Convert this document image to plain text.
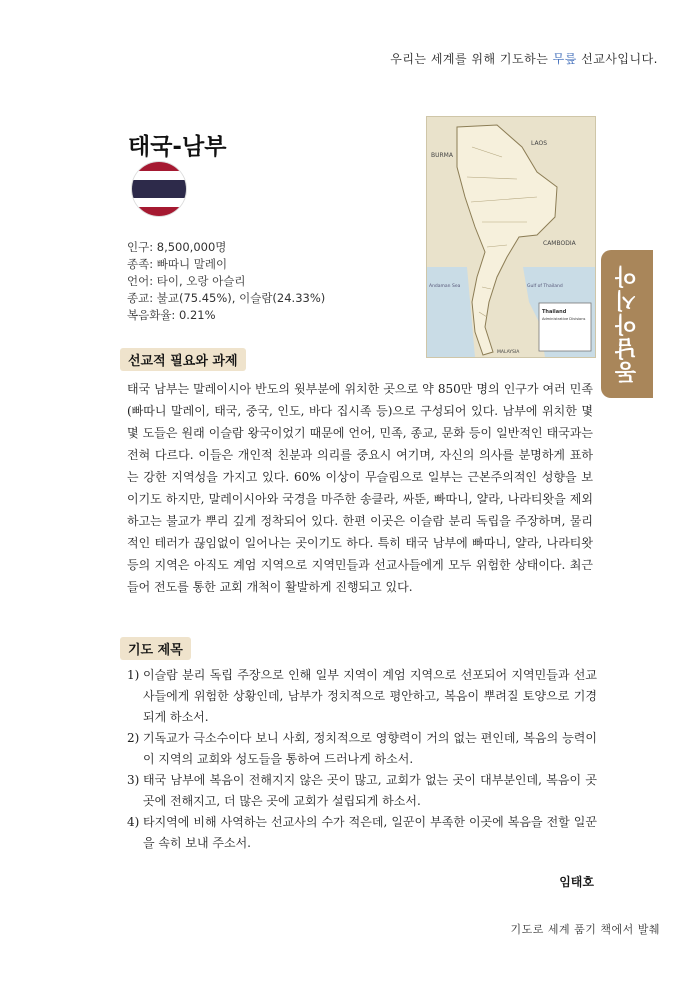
우리는 세계를 위해 기도하는 무릎 선교사입니다.
태국-남부
인구: 8,500,000명
종족: 빠따니 말레이
언어: 타이, 오랑 아슬리
종교: 불교(75.45%), 이슬람(24.33%)
복음화율: 0.21%
LAOS
CAMBODIA
BURMA
Thailand
Administrative Divisions
Gulf of Thailand
Andaman Sea
MALAYSIA	동남아시아
선교적 필요와 과제
태국 남부는 말레이시아 반도의 윗부분에 위치한 곳으로 약 850만 명의 인구가 여러 민족(빠따니 말레이, 태국, 중국, 인도, 바다 집시족 등)으로 구성되어 있다. 남부에 위치한 몇몇 도들은 원래 이슬람 왕국이었기 때문에 언어, 민족, 종교, 문화 등이 일반적인 태국과는 전혀 다르다. 이들은 개인적 친분과 의리를 중요시 여기며, 자신의 의사를 분명하게 표하는 강한 지역성을 가지고 있다. 60% 이상이 무슬림으로 일부는 근본주의적인 성향을 보이기도 하지만, 말레이시아와 국경을 마주한 송클라, 싸뚠, 빠따니, 얄라, 나라티왓을 제외하고는 불교가 뿌리 깊게 정착되어 있다. 한편 이곳은 이슬람 분리 독립을 주장하며, 물리적인 테러가 끊임없이 일어나는 곳이기도 하다. 특히 태국 남부에 빠따니, 얄라, 나라티왓 등의 지역은 아직도 계엄 지역으로 지역민들과 선교사들에게 모두 위험한 상태이다. 최근 들어 전도를 통한 교회 개척이 활발하게 진행되고 있다.
기도 제목
1) 이슬람 분리 독립 주장으로 인해 일부 지역이 계엄 지역으로 선포되어 지역민들과 선교사들에게 위험한 상황인데, 남부가 정치적으로 평안하고, 복음이 뿌려질 토양으로 기경되게 하소서.
2) 기독교가 극소수이다 보니 사회, 정치적으로 영향력이 거의 없는 편인데, 복음의 능력이 이 지역의 교회와 성도들을 통하여 드러나게 하소서.
3) 태국 남부에 복음이 전해지지 않은 곳이 많고, 교회가 없는 곳이 대부분인데, 복음이 곳곳에 전해지고, 더 많은 곳에 교회가 설립되게 하소서.
4) 타지역에 비해 사역하는 선교사의 수가 적은데, 일꾼이 부족한 이곳에 복음을 전할 일꾼을 속히 보내 주소서.
임태호
기도로 세계 품기 책에서 발췌
